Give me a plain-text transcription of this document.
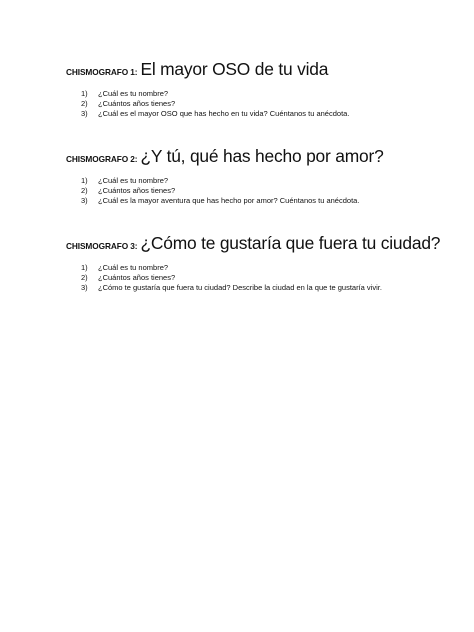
CHISMOGRAFO 1: El mayor OSO de tu vida
1)	¿Cuál es tu nombre?
2)	¿Cuántos años tienes?
3)	¿Cuál es el mayor OSO que has hecho en tu vida? Cuéntanos tu anécdota.
CHISMOGRAFO 2: ¿Y tú, qué has hecho por amor?
1)	¿Cuál es tu nombre?
2)	¿Cuántos años tienes?
3)	¿Cuál es la mayor aventura que has hecho por amor? Cuéntanos tu anécdota.
CHISMOGRAFO 3: ¿Cómo te gustaría que fuera tu ciudad?
1)	¿Cuál es tu nombre?
2)	¿Cuántos años tienes?
3)	¿Cómo te gustaría que fuera tu ciudad? Describe la ciudad en la que te gustaría vivir.
